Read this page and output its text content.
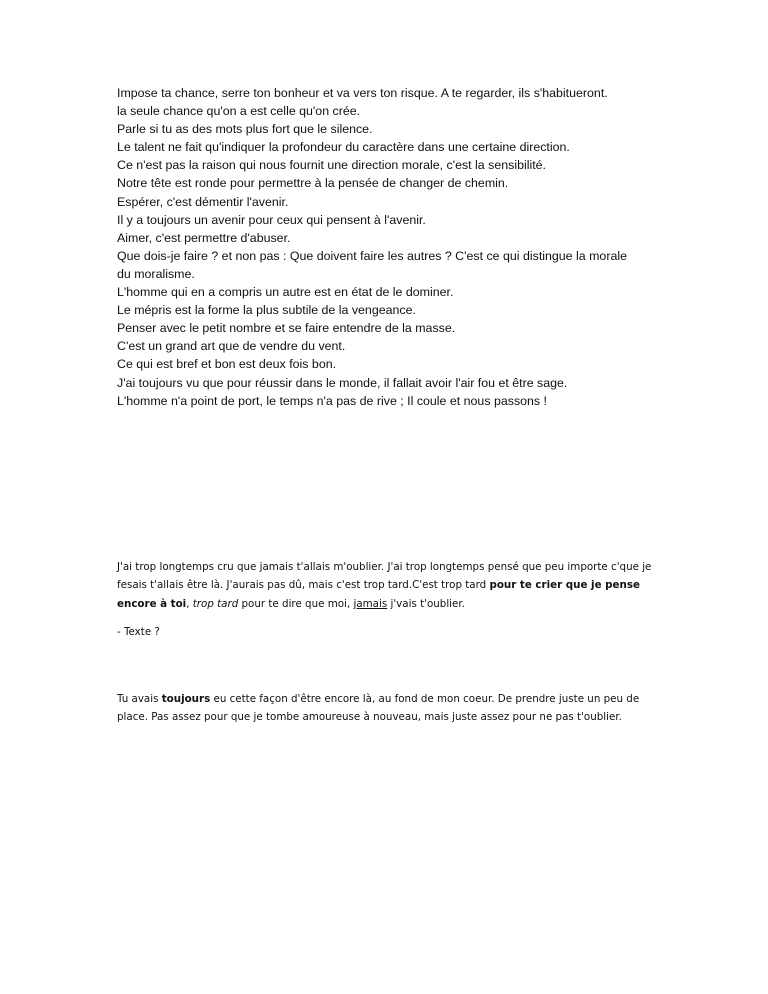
Impose ta chance, serre ton bonheur et va vers ton risque. A te regarder, ils s'habitueront.
la seule chance qu'on a est celle qu'on crée.
Parle si tu as des mots plus fort que le silence.
Le talent ne fait qu'indiquer la profondeur du caractère dans une certaine direction.
Ce n'est pas la raison qui nous fournit une direction morale, c'est la sensibilité.
Notre tête est ronde pour permettre à la pensée de changer de chemin.
Espérer, c'est démentir l'avenir.
Il y a toujours un avenir pour ceux qui pensent à l'avenir.
Aimer, c'est permettre d'abuser.
Que dois-je faire ? et non pas : Que doivent faire les autres ? C'est ce qui distingue la morale
du moralisme.
L'homme qui en a compris un autre est en état de le dominer.
Le mépris est la forme la plus subtile de la vengeance.
Penser avec le petit nombre et se faire entendre de la masse.
C'est un grand art que de vendre du vent.
Ce qui est bref et bon est deux fois bon.
J'ai toujours vu que pour réussir dans le monde, il fallait avoir l'air fou et être sage.
L'homme n'a point de port, le temps n'a pas de rive ; Il coule et nous passons !

J'ai trop longtemps cru que jamais t'allais m'oublier. J'ai trop longtemps pensé que peu importe c'que je fesais t'allais être là. J'aurais pas dû, mais c'est trop tard.C'est trop tard pour te crier que je pense encore à toi, trop tard pour te dire que moi, jamais j'vais t'oublier.

- Texte ?

Tu avais toujours eu cette façon d'être encore là, au fond de mon coeur. De prendre juste un peu de place. Pas assez pour que je tombe amoureuse à nouveau, mais juste assez pour ne pas t'oublier.
